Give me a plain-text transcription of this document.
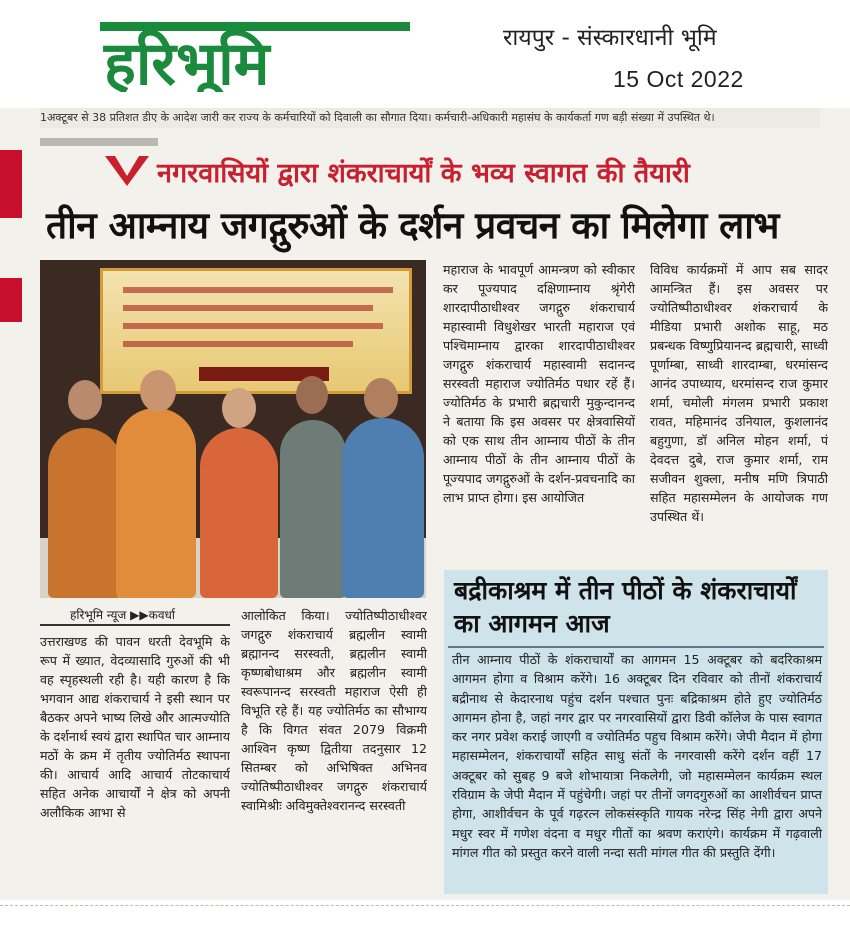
हरिभूमि	रायपुर - संस्कारधानी भूमि
15 Oct 2022
1अक्टूबर से 38 प्रतिशत डीए के आदेश जारी कर राज्य के कर्मचारियों को दिवाली का सौगात दिया। कर्मचारी-अधिकारी महासंघ के कार्यकर्ता गण बड़ी संख्या में उपस्थित थे।
नगरवासियों द्वारा शंकराचार्यों के भव्य स्वागत की तैयारी
तीन आम्नाय जगद्गुरुओं के दर्शन प्रवचन का मिलेगा लाभ
हरिभूमि न्यूज ▶▶कवर्धा
उत्तराखण्ड की पावन धरती देवभूमि के रूप में ख्यात, वेदव्यासादि गुरुओं की भी वह स्पृहस्थली रही है। यही कारण है कि भगवान आद्य शंकराचार्य ने इसी स्थान पर बैठकर अपने भाष्य लिखे और आत्मज्योति के दर्शनार्थ स्वयं द्वारा स्थापित चार आम्नाय मठों के क्रम में तृतीय ज्योतिर्मठ स्थापना की। आचार्य आदि आचार्य तोटकाचार्य सहित अनेक आचार्यों ने क्षेत्र को अपनी अलौकिक आभा से
आलोकित किया। ज्योतिष्पीठाधीश्वर जगद्गुरु शंकराचार्य ब्रह्मलीन स्वामी ब्रह्मानन्द सरस्वती, ब्रह्मलीन स्वामी कृष्णबोधाश्रम और ब्रह्मलीन स्वामी स्वरूपानन्द सरस्वती महाराज ऐसी ही विभूति रहे हैं। यह ज्योतिर्मठ का सौभाग्य है कि विगत संवत 2079 विक्रमी आश्विन कृष्ण द्वितीया तदनुसार 12 सितम्बर को अभिषिक्त अभिनव ज्योतिष्पीठाधीश्वर जगद्गुरु शंकराचार्य स्वामिश्रीः अविमुक्तेश्वरानन्द सरस्वती
महाराज के भावपूर्ण आमन्त्रण को स्वीकार कर पूज्यपाद दक्षिणाम्नाय श्रृंगेरी शारदापीठाधीश्वर जगद्गुरु शंकराचार्य महास्वामी विधुशेखर भारती महाराज एवं पश्चिमाम्नाय द्वारका शारदापीठाधीश्वर जगद्गुरु शंकराचार्य महास्वामी सदानन्द सरस्वती महाराज ज्योतिर्मठ पधार रहें हैं। ज्योतिर्मठ के प्रभारी ब्रह्मचारी मुकुन्दानन्द ने बताया कि इस अवसर पर क्षेत्रवासियों को एक साथ तीन आम्नाय पीठों के तीन आम्नाय पीठों के तीन आम्नाय पीठों के पूज्यपाद जगद्गुरुओं के दर्शन-प्रवचनादि का लाभ प्राप्त होगा। इस आयोजित
विविध कार्यक्रमों में आप सब सादर आमन्त्रित हैं। इस अवसर पर ज्योतिष्पीठाधीश्वर शंकराचार्य के मीडिया प्रभारी अशोक साहू, मठ प्रबन्धक विष्णुप्रियानन्द ब्रह्मचारी, साध्वी पूर्णाम्बा, साध्वी शारदाम्बा, धरमांसन्द आनंद उपाध्याय, धरमांसन्द राज कुमार शर्मा, चमोली मंगलम प्रभारी प्रकाश रावत, महिमानंद उनियाल, कुशलानंद बहुगुणा, डॉ अनिल मोहन शर्मा, पं देवदत्त दुबे, राज कुमार शर्मा, राम सजीवन शुक्ला, मनीष मणि त्रिपाठी सहित महासम्मेलन के आयोजक गण उपस्थित थें।
बद्रीकाश्रम में तीन पीठों के शंकराचार्यों का आगमन आज
तीन आम्नाय पीठों के शंकराचार्यों का आगमन 15 अक्टूबर को बदरिकाश्रम आगमन होगा व विश्राम करेंगे। 16 अक्टूबर दिन रविवार को तीनों शंकराचार्य बद्रीनाथ से केदारनाथ पहुंच दर्शन पश्चात पुनः बद्रिकाश्रम होते हुए ज्योतिर्मठ आगमन होना है, जहां नगर द्वार पर नगरवासियों द्वारा डिवी कॉलेज के पास स्वागत कर नगर प्रवेश कराई जाएगी व ज्योतिर्मठ पहुच विश्राम करेंगे। जेपी मैदान में होगा महासम्मेलन, शंकराचार्यों सहित साधु संतों के नगरवासी करेंगे दर्शन वहीं 17 अक्टूबर को सुबह 9 बजे शोभायात्रा निकलेगी, जो महासम्मेलन कार्यक्रम स्थल रविग्राम के जेपी मैदान में पहुंचेगी। जहां पर तीनों जगदगुरुओं का आशीर्वचन प्राप्त होगा, आशीर्वचन के पूर्व गढ़रत्न लोकसंस्कृति गायक नरेन्द्र सिंह नेगी द्वारा अपने मधुर स्वर में गणेश वंदना व मधुर गीतों का श्रवण कराएंगे। कार्यक्रम में गढ़वाली मांगल गीत को प्रस्तुत करने वाली नन्दा सती मांगल गीत की प्रस्तुति देंगी।
